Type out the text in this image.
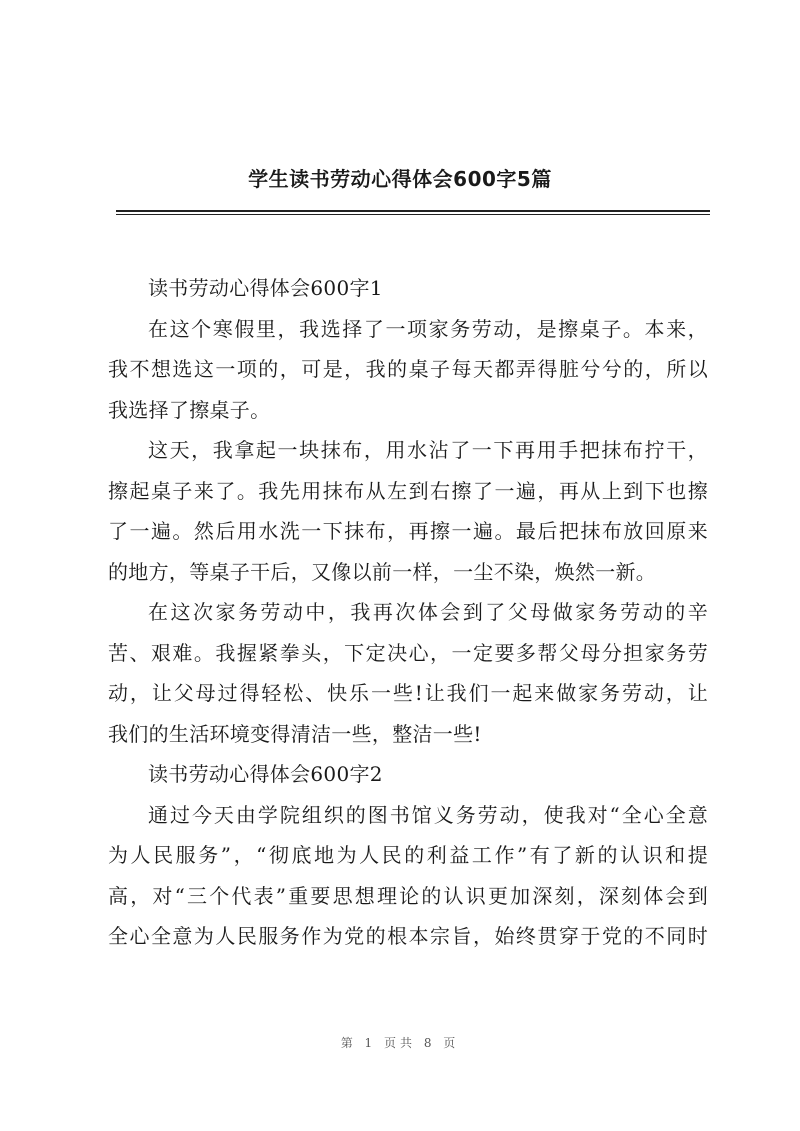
学生读书劳动心得体会600字5篇
读书劳动心得体会600字1
在这个寒假里，我选择了一项家务劳动，是擦桌子。本来，
我不想选这一项的，可是，我的桌子每天都弄得脏兮兮的，所以
我选择了擦桌子。
这天，我拿起一块抹布，用水沾了一下再用手把抹布拧干，
擦起桌子来了。我先用抹布从左到右擦了一遍，再从上到下也擦
了一遍。然后用水洗一下抹布，再擦一遍。最后把抹布放回原来
的地方，等桌子干后，又像以前一样，一尘不染，焕然一新。
在这次家务劳动中，我再次体会到了父母做家务劳动的辛
苦、艰难。我握紧拳头，下定决心，一定要多帮父母分担家务劳
动，让父母过得轻松、快乐一些!让我们一起来做家务劳动，让
我们的生活环境变得清洁一些，整洁一些!
读书劳动心得体会600字2
通过今天由学院组织的图书馆义务劳动，使我对“全心全意
为人民服务”，“彻底地为人民的利益工作”有了新的认识和提
高，对“三个代表”重要思想理论的认识更加深刻，深刻体会到
全心全意为人民服务作为党的根本宗旨，始终贯穿于党的不同时
第 1 页共 8 页
